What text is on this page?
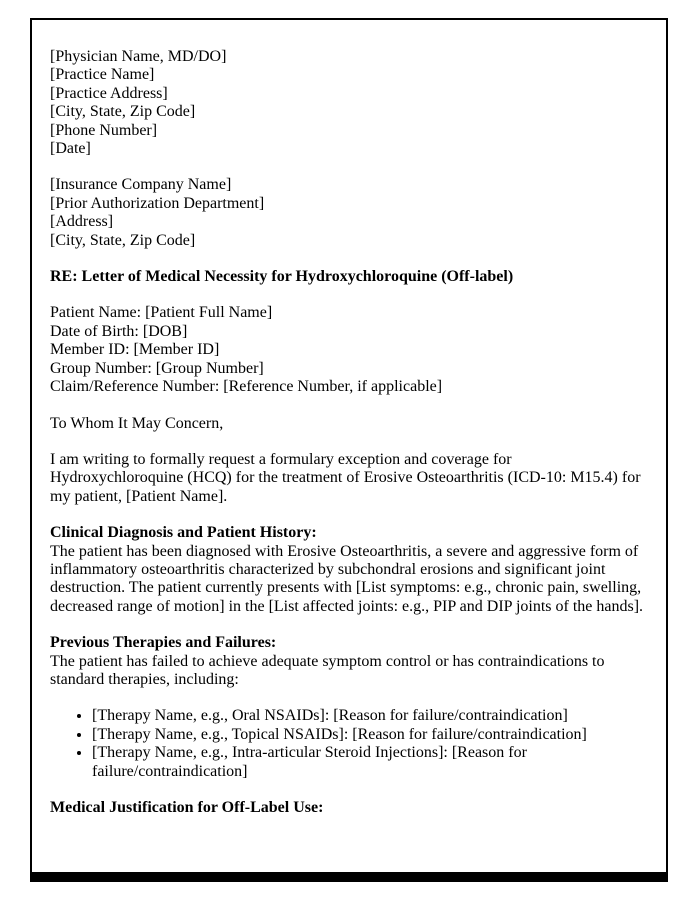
[Physician Name, MD/DO]
[Practice Name]
[Practice Address]
[City, State, Zip Code]
[Phone Number]
[Date]
[Insurance Company Name]
[Prior Authorization Department]
[Address]
[City, State, Zip Code]

RE: Letter of Medical Necessity for Hydroxychloroquine (Off-label)

Patient Name: [Patient Full Name]
Date of Birth: [DOB]
Member ID: [Member ID]
Group Number: [Group Number]
Claim/Reference Number: [Reference Number, if applicable]

To Whom It May Concern,

I am writing to formally request a formulary exception and coverage for Hydroxychloroquine (HCQ) for the treatment of Erosive Osteoarthritis (ICD-10: M15.4) for my patient, [Patient Name].

Clinical Diagnosis and Patient History:
The patient has been diagnosed with Erosive Osteoarthritis, a severe and aggressive form of inflammatory osteoarthritis characterized by subchondral erosions and significant joint destruction. The patient currently presents with [List symptoms: e.g., chronic pain, swelling, decreased range of motion] in the [List affected joints: e.g., PIP and DIP joints of the hands].
Previous Therapies and Failures:
The patient has failed to achieve adequate symptom control or has contraindications to standard therapies, including:
• [Therapy Name, e.g., Oral NSAIDs]: [Reason for failure/contraindication]
• [Therapy Name, e.g., Topical NSAIDs]: [Reason for failure/contraindication]
• [Therapy Name, e.g., Intra-articular Steroid Injections]: [Reason for failure/contraindication]

Medical Justification for Off-Label Use:
